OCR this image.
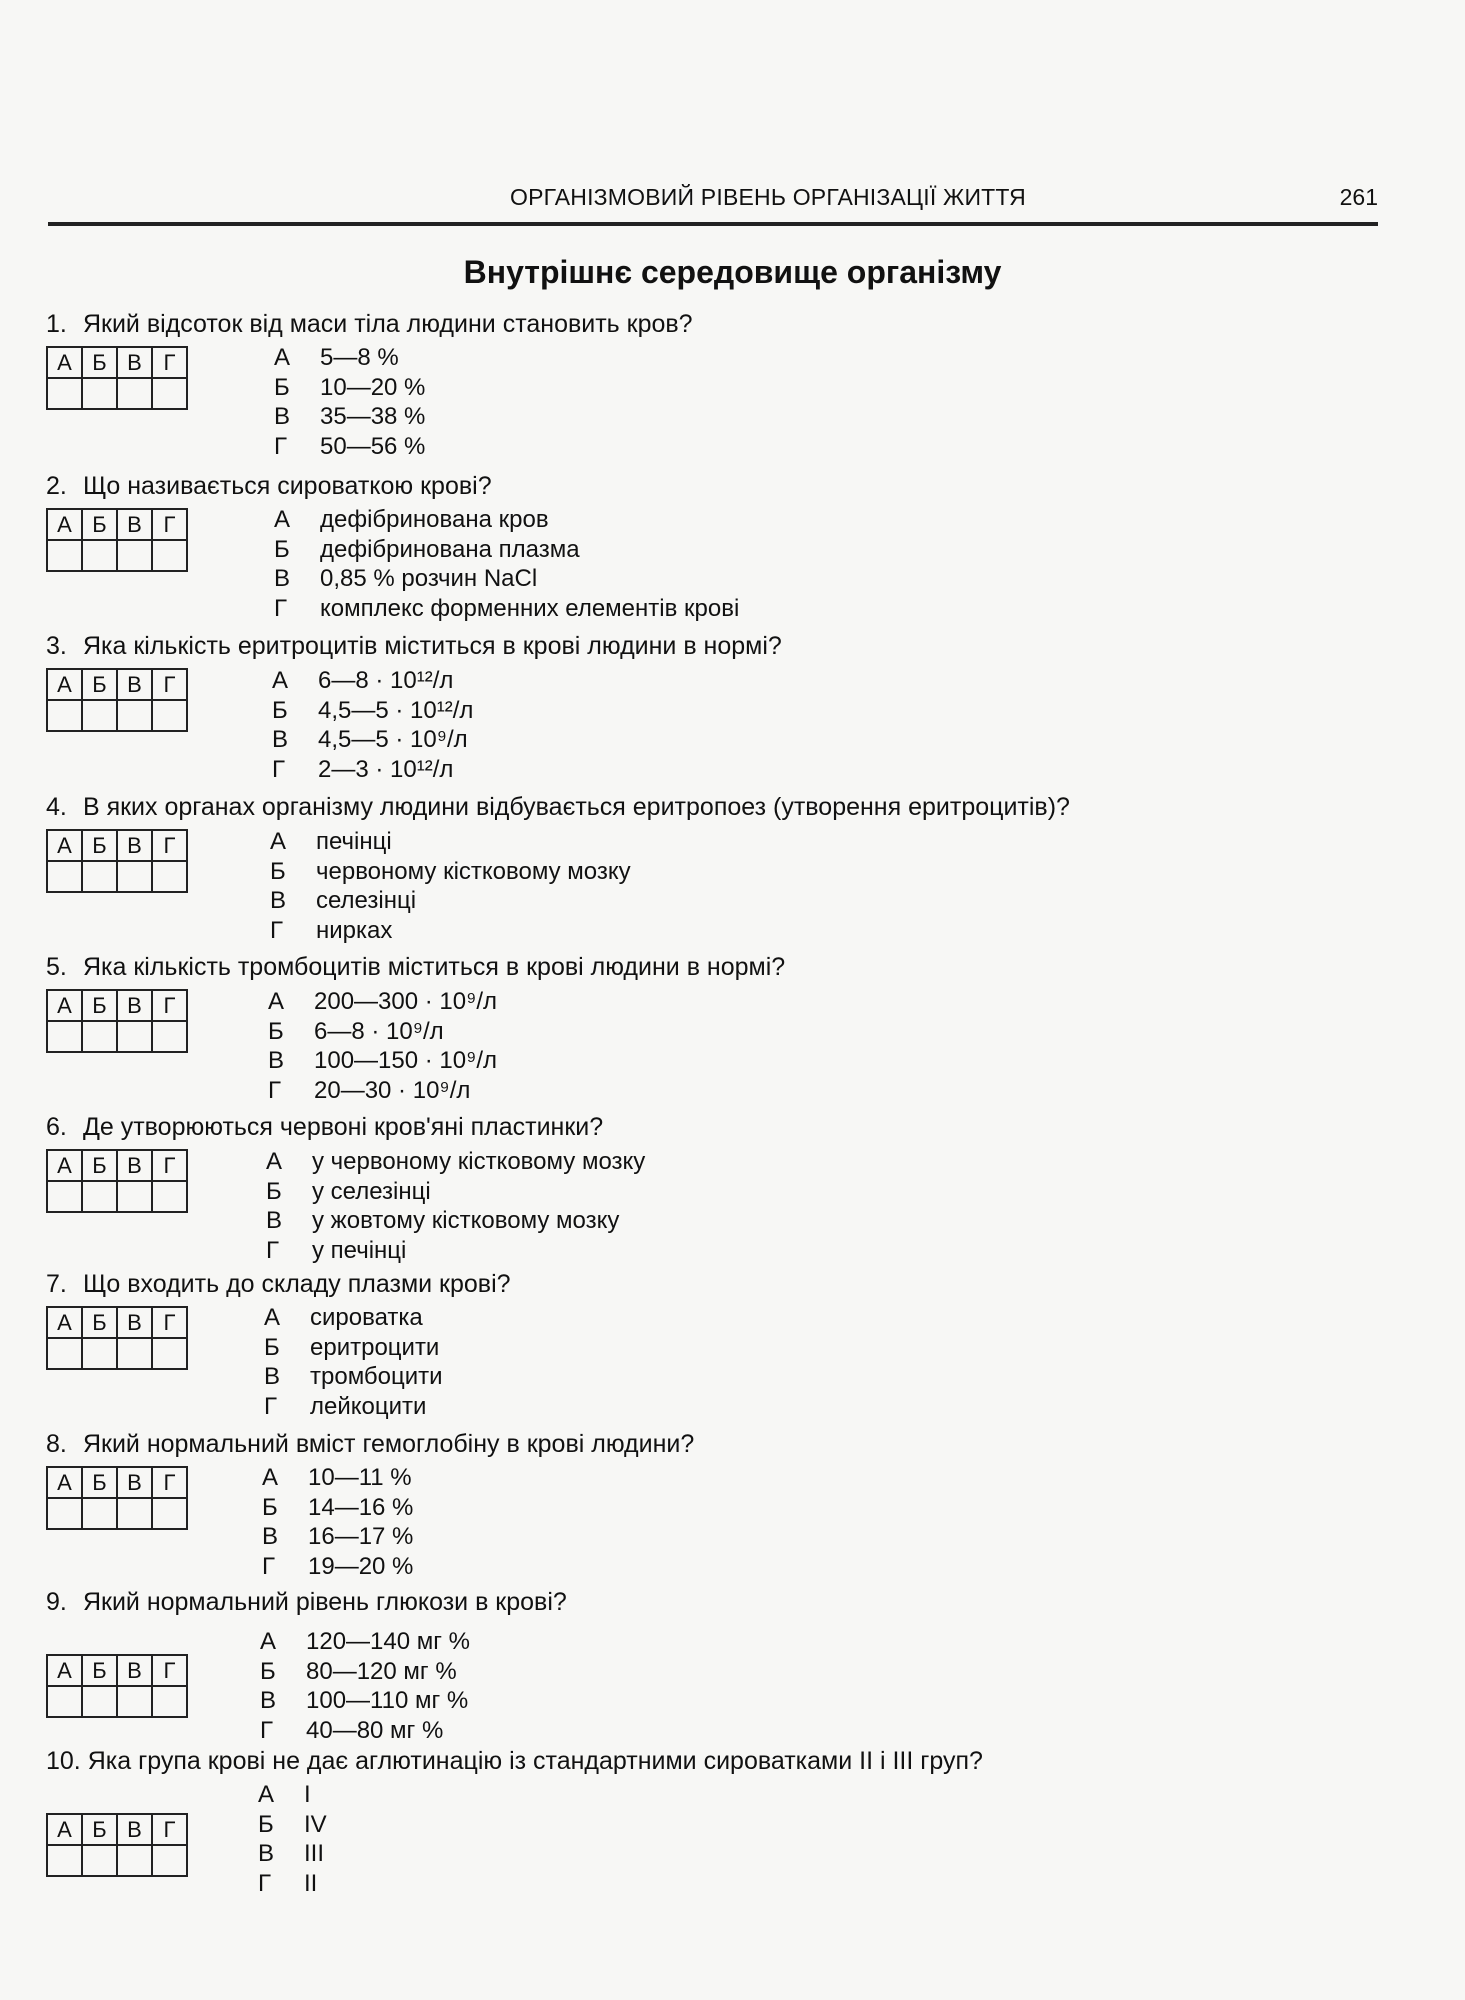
ОРГАНІЗМОВИЙ РІВЕНЬ ОРГАНІЗАЦІЇ ЖИТТЯ	261
Внутрішнє середовище організму
1. Який відсоток від маси тіла людини становить кров?
А	Б	В	Г
				А 5—8 %
Б 10—20 %
В 35—38 %
Г 50—56 %
2. Що називається сироваткою крові?
А	Б	В	Г
				А дефібринована кров
Б дефібринована плазма
В 0,85 % розчин NaCl
Г комплекс форменних елементів крові
3. Яка кількість еритроцитів міститься в крові людини в нормі?
А	Б	В	Г
				А 6—8 · 10¹²/л
Б 4,5—5 · 10¹²/л
В 4,5—5 · 10⁹/л
Г 2—3 · 10¹²/л
4. В яких органах організму людини відбувається еритропоез (утворення еритроцитів)?
А	Б	В	Г
				А печінці
Б червоному кістковому мозку
В селезінці
Г нирках
5. Яка кількість тромбоцитів міститься в крові людини в нормі?
А	Б	В	Г
				А 200—300 · 10⁹/л
Б 6—8 · 10⁹/л
В 100—150 · 10⁹/л
Г 20—30 · 10⁹/л
6. Де утворюються червоні кров'яні пластинки?
А	Б	В	Г
				А у червоному кістковому мозку
Б у селезінці
В у жовтому кістковому мозку
Г у печінці
7. Що входить до складу плазми крові?
А	Б	В	Г
				А сироватка
Б еритроцити
В тромбоцити
Г лейкоцити
8. Який нормальний вміст гемоглобіну в крові людини?
А	Б	В	Г
				А 10—11 %
Б 14—16 %
В 16—17 %
Г 19—20 %
9. Який нормальний рівень глюкози в крові?
А	Б	В	Г

А 120—140 мг %
Б 80—120 мг %
В 100—110 мг %
Г 40—80 мг %
10. Яка група крові не дає аглютинацію із стандартними сироватками II і III груп?
А	Б	В	Г

А I
Б IV
В III
Г II
